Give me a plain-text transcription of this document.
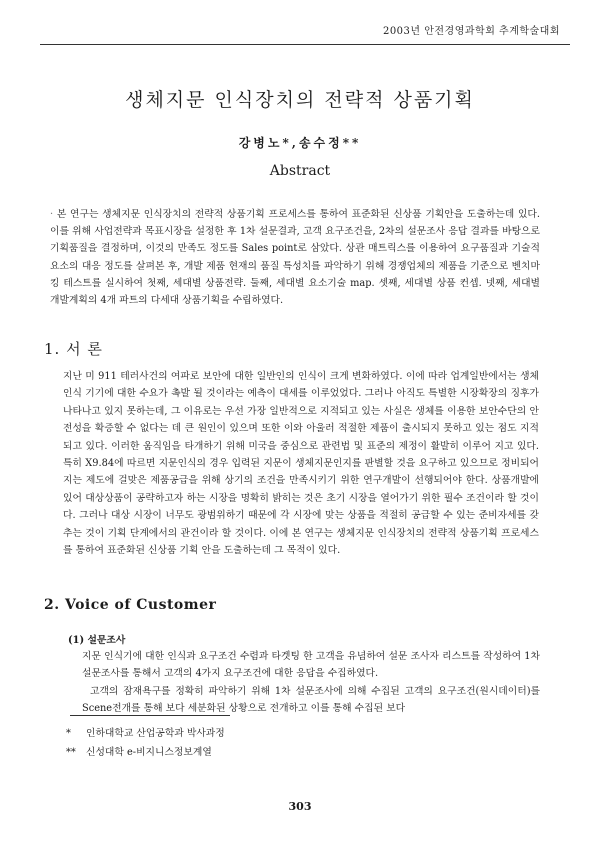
2003년 안전경영과학회 추계학술대회
생체지문 인식장치의 전략적 상품기획
강병노*,송수정**
Abstract
· 본 연구는 생체지문 인식장치의 전략적 상품기획 프로세스를 통하여 표준화된 신상품 기획안을 도출하는데 있다. 이를 위해 사업전략과 목표시장을 설정한 후 1차 설문결과, 고객 요구조건을, 2차의 설문조사 응답 결과를 바탕으로 기획품질을 결정하며, 이것의 만족도 정도를 Sales point로 삼았다. 상관 매트릭스를 이용하여 요구품질과 기술적 요소의 대응 정도를 살펴본 후, 개발 제품 현재의 품질 특성치를 파악하기 위해 경쟁업체의 제품을 기준으로 벤치마킹 테스트를 실시하여 첫째, 세대별 상품전략. 둘째, 세대별 요소기술 map. 셋째, 세대별 상품 컨셉. 넷째, 세대별 개발계획의 4개 파트의 다세대 상품기획을 수립하였다.
1. 서 론
지난 미 911 테러사건의 여파로 보안에 대한 일반인의 인식이 크게 변화하였다. 이에 따라 업계일반에서는 생체인식 기기에 대한 수요가 촉발 될 것이라는 예측이 대세를 이루었었다. 그러나 아직도 특별한 시장확장의 징후가 나타나고 있지 못하는데, 그 이유로는 우선 가장 일반적으로 지적되고 있는 사실은 생체를 이용한 보안수단의 안전성을 확증할 수 없다는 데 큰 원인이 있으며 또한 이와 아울러 적절한 제품이 출시되지 못하고 있는 점도 지적되고 있다. 이러한 움직임을 타개하기 위해 미국을 중심으로 관련법 및 표준의 제정이 활발히 이루어 지고 있다. 특히 X9.84에 따르면 지문인식의 경우 입력된 지문이 생체지문인지를 판별할 것을 요구하고 있으므로 정비되어지는 제도에 걸맞은 제품공급을 위해 상기의 조건을 만족시키기 위한 연구개발이 선행되어야 한다. 상품개발에 있어 대상상품이 공략하고자 하는 시장을 명확히 밝히는 것은 초기 시장을 열어가기 위한 필수 조건이라 할 것이다. 그러나 대상 시장이 너무도 광범위하기 때문에 각 시장에 맞는 상품을 적절히 공급할 수 있는 준비자세를 갖추는 것이 기획 단계에서의 관건이라 할 것이다. 이에 본 연구는 생체지문 인식장치의 전략적 상품기획 프로세스를 통하여 표준화된 신상품 기획 안을 도출하는데 그 목적이 있다.
2. Voice of Customer
(1) 설문조사
지문 인식기에 대한 인식과 요구조건 수렴과 타겟팅 한 고객을 유념하여 설문 조사자 리스트를 작성하여 1차 설문조사를 통해서 고객의 4가지 요구조건에 대한 응답을 수집하였다.
고객의 잠재욕구를 정확히 파악하기 위해 1차 설문조사에 의해 수집된 고객의 요구조건(원시데이터)를 Scene전개를 통해 보다 세분화된 상황으로 전개하고 이를 통해 수집된 보다
* 인하대학교 산업공학과 박사과정
** 신성대학 e-비지니스정보계열
303
